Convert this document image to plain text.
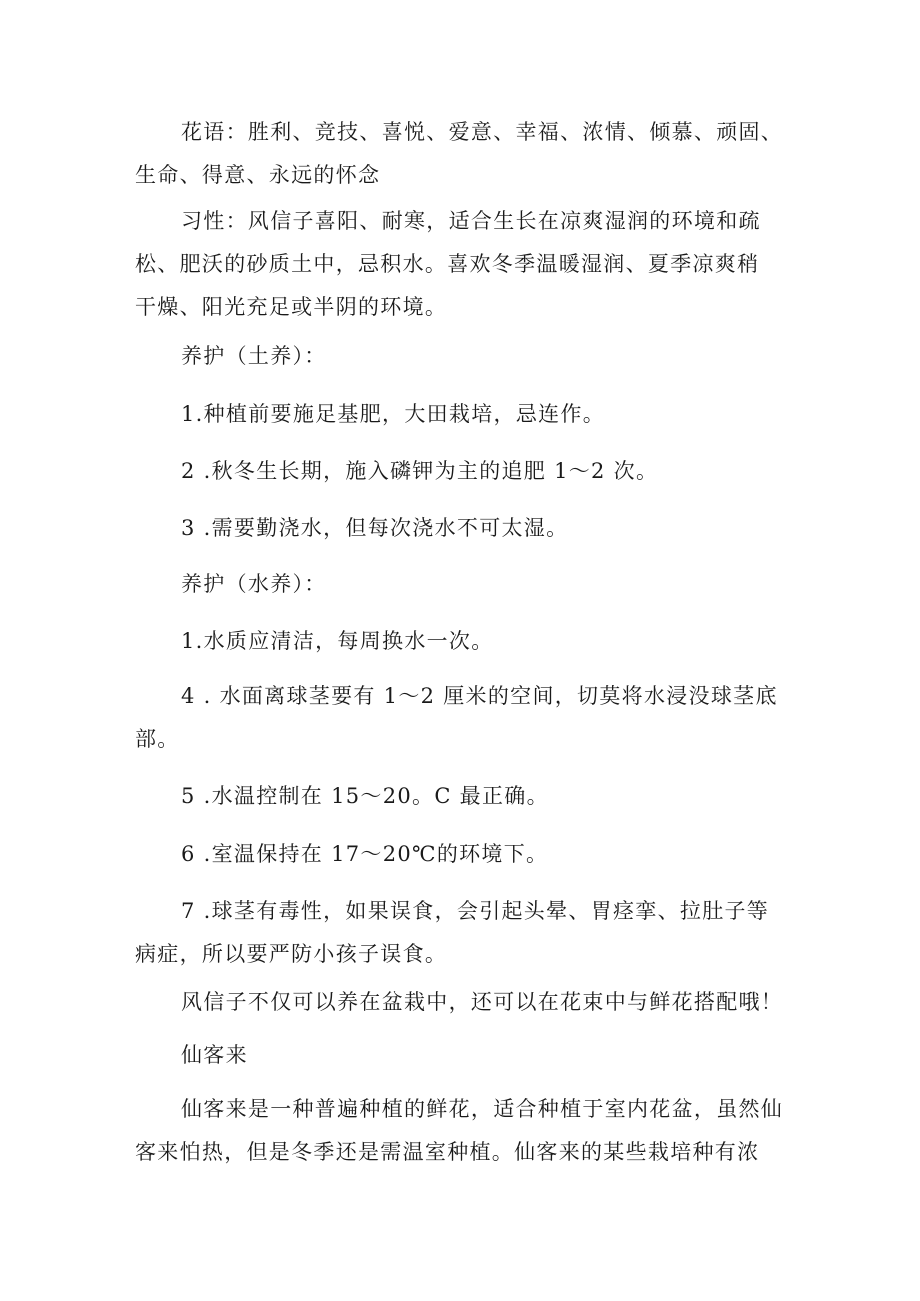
花语：胜利、竞技、喜悦、爱意、幸福、浓情、倾慕、顽固、
生命、得意、永远的怀念

习性：风信子喜阳、耐寒，适合生长在凉爽湿润的环境和疏
松、肥沃的砂质土中，忌积水。喜欢冬季温暖湿润、夏季凉爽稍
干燥、阳光充足或半阴的环境。

养护（土养）：

1.种植前要施足基肥，大田栽培，忌连作。

2 .秋冬生长期，施入磷钾为主的追肥 1～2 次。

3 .需要勤浇水，但每次浇水不可太湿。

养护（水养）：

1.水质应清洁，每周换水一次。

4 . 水面离球茎要有 1～2 厘米的空间，切莫将水浸没球茎底
部。

5 .水温控制在 15～20。C 最正确。

6 .室温保持在 17～20℃的环境下。

7 .球茎有毒性，如果误食，会引起头晕、胃痉挛、拉肚子等
病症，所以要严防小孩子误食。

风信子不仅可以养在盆栽中，还可以在花束中与鲜花搭配哦！

仙客来

仙客来是一种普遍种植的鲜花，适合种植于室内花盆，虽然仙
客来怕热，但是冬季还是需温室种植。仙客来的某些栽培种有浓
